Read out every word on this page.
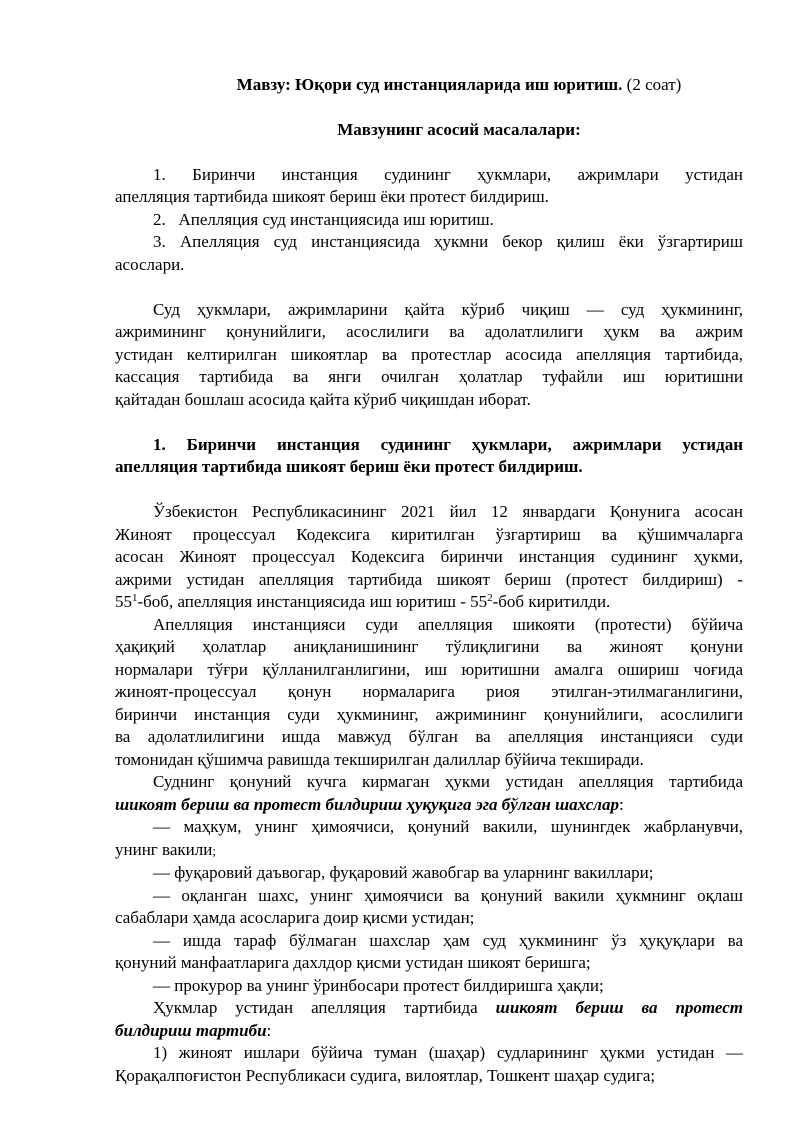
Мавзу: Юқори суд инстанцияларида иш юритиш. (2 соат)

Мавзунинг асосий масалалари:

1. Биринчи инстанция судининг ҳукмлари, ажримлари устидан

апелляция тартибида шикоят бериш ёки протест билдириш.

2.   Апелляция суд инстанциясида иш юритиш.

3. Апелляция суд инстанциясида ҳукмни бекор қилиш ёки ўзгартириш

асослари.

Суд ҳукмлари, ажримларини қайта кўриб чиқиш — суд ҳукмининг,

ажримининг қонунийлиги, асослилиги ва адолатлилиги ҳукм ва ажрим

устидан келтирилган шикоятлар ва протестлар асосида апелляция тартибида,

кассация тартибида ва янги очилган ҳолатлар туфайли иш юритишни

қайтадан бошлаш асосида қайта кўриб чиқишдан иборат.

1. Биринчи инстанция судининг ҳукмлари, ажримлари устидан

апелляция тартибида шикоят бериш ёки протест билдириш.

Ўзбекистон Республикасининг 2021 йил 12 январдаги Қонунига асосан

Жиноят процессуал Кодексига киритилган ўзгартириш ва қўшимчаларга

асосан Жиноят процессуал Кодексига биринчи инстанция судининг ҳукми,

ажрими устидан апелляция тартибида шикоят бериш (протест билдириш) -

$55^1$-боб, апелляция инстанциясида иш юритиш - $55^2$-боб киритилди.

Апелляция инстанцияси суди апелляция шикояти (протести) бўйича

ҳақиқий ҳолатлар аниқланишининг тўлиқлигини ва жиноят қонуни

нормалари тўғри қўлланилганлигини, иш юритишни амалга ошириш чоғида

жиноят-процессуал қонун нормаларига риоя этилган-этилмаганлигини,

биринчи инстанция суди ҳукмининг, ажримининг қонунийлиги, асослилиги

ва адолатлилигини ишда мавжуд бўлган ва апелляция инстанцияси суди

томонидан қўшимча равишда текширилган далиллар бўйича текширади.

Суднинг қонуний кучга кирмаган ҳукми устидан апелляция тартибида

шикоят бериш ва протест билдириш ҳуқуқига эга бўлган шахслар:

— маҳкум, унинг ҳимоячиси, қонуний вакили, шунингдек жабрланувчи,

унинг вакили;

— фуқаровий даъвогар, фуқаровий жавобгар ва уларнинг вакиллари;

— оқланган шахс, унинг ҳимоячиси ва қонуний вакили ҳукмнинг оқлаш

сабаблари ҳамда асосларига доир қисми устидан;

— ишда тараф бўлмаган шахслар ҳам суд ҳукмининг ўз ҳуқуқлари ва

қонуний манфаатларига дахлдор қисми устидан шикоят беришга;

— прокурор ва унинг ўринбосари протест билдиришга ҳақли;

Ҳукмлар устидан апелляция тартибида шикоят бериш ва протест

билдириш тартиби:

1) жиноят ишлари бўйича туман (шаҳар) судларининг ҳукми устидан —

Қорақалпоғистон Республикаси судига, вилоятлар, Тошкент шаҳар судига;
